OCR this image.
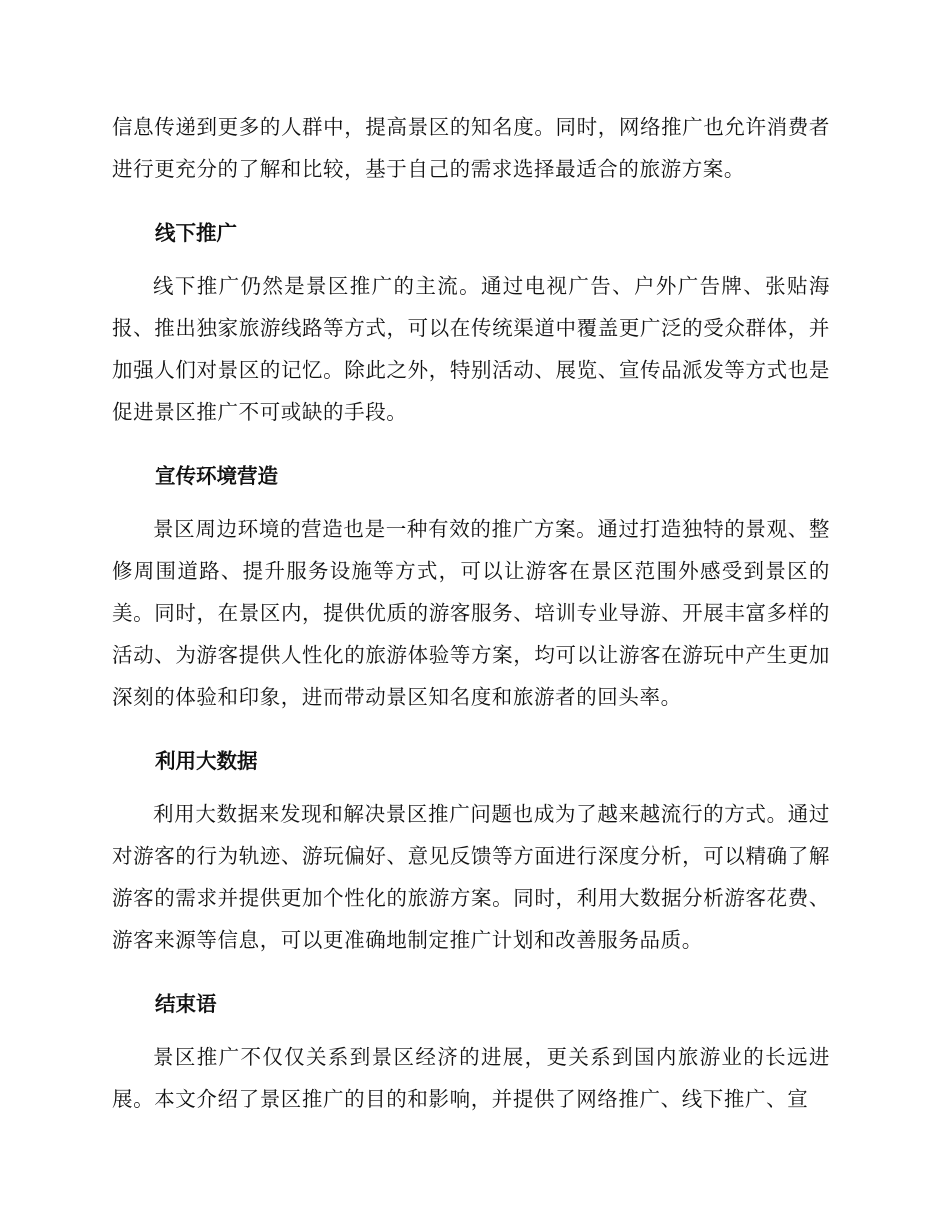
信息传递到更多的人群中，提高景区的知名度。同时，网络推广也允许消费者进行更充分的了解和比较，基于自己的需求选择最适合的旅游方案。

线下推广

线下推广仍然是景区推广的主流。通过电视广告、户外广告牌、张贴海报、推出独家旅游线路等方式，可以在传统渠道中覆盖更广泛的受众群体，并加强人们对景区的记忆。除此之外，特别活动、展览、宣传品派发等方式也是促进景区推广不可或缺的手段。

宣传环境营造

景区周边环境的营造也是一种有效的推广方案。通过打造独特的景观、整修周围道路、提升服务设施等方式，可以让游客在景区范围外感受到景区的美。同时，在景区内，提供优质的游客服务、培训专业导游、开展丰富多样的活动、为游客提供人性化的旅游体验等方案，均可以让游客在游玩中产生更加深刻的体验和印象，进而带动景区知名度和旅游者的回头率。

利用大数据

利用大数据来发现和解决景区推广问题也成为了越来越流行的方式。通过对游客的行为轨迹、游玩偏好、意见反馈等方面进行深度分析，可以精确了解游客的需求并提供更加个性化的旅游方案。同时，利用大数据分析游客花费、游客来源等信息，可以更准确地制定推广计划和改善服务品质。

结束语

景区推广不仅仅关系到景区经济的进展，更关系到国内旅游业的长远进展。本文介绍了景区推广的目的和影响，并提供了网络推广、线下推广、宣
